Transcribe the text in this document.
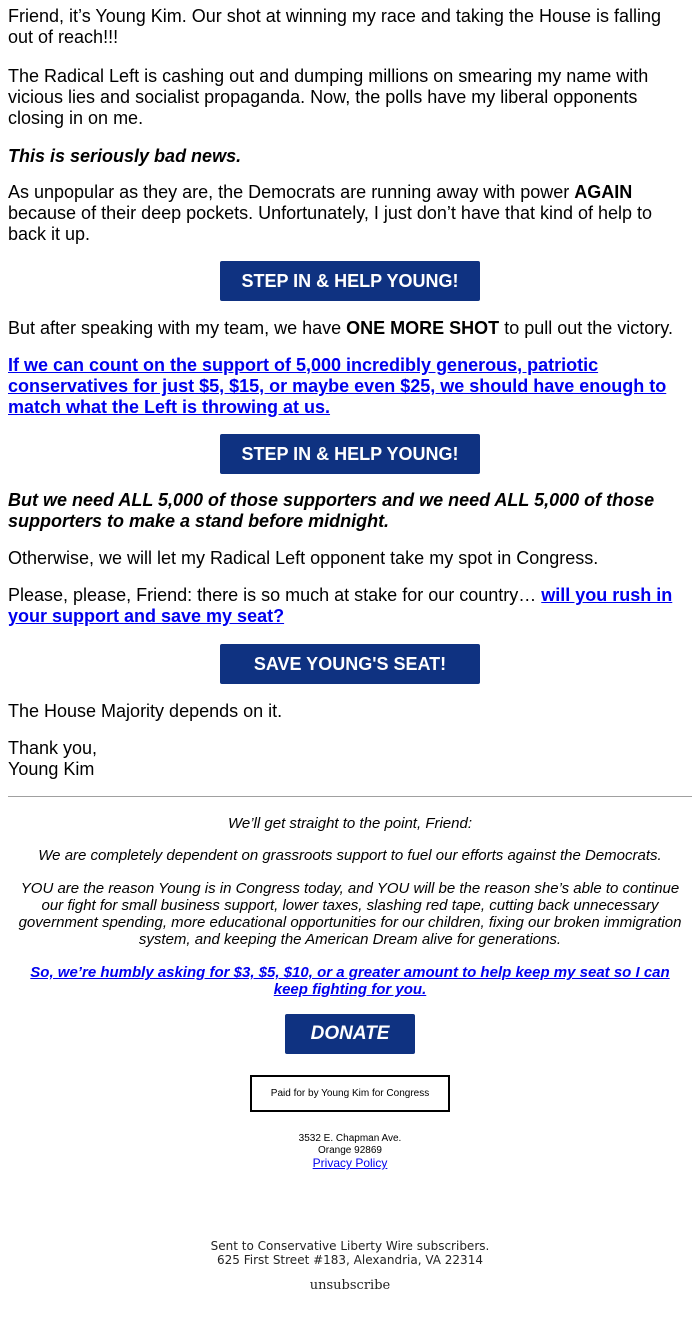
Friend, it’s Young Kim. Our shot at winning my race and taking the House is falling out of reach!!!

The Radical Left is cashing out and dumping millions on smearing my name with vicious lies and socialist propaganda. Now, the polls have my liberal opponents closing in on me.

This is seriously bad news.

As unpopular as they are, the Democrats are running away with power AGAIN because of their deep pockets. Unfortunately, I just don’t have that kind of help to back it up.

STEP IN & HELP YOUNG!

But after speaking with my team, we have ONE MORE SHOT to pull out the victory.

If we can count on the support of 5,000 incredibly generous, patriotic conservatives for just $5, $15, or maybe even $25, we should have enough to match what the Left is throwing at us.

STEP IN & HELP YOUNG!

But we need ALL 5,000 of those supporters and we need ALL 5,000 of those supporters to make a stand before midnight.

Otherwise, we will let my Radical Left opponent take my spot in Congress.

Please, please, Friend: there is so much at stake for our country… will you rush in your support and save my seat?

SAVE YOUNG'S SEAT!

The House Majority depends on it.

Thank you,
Young Kim

We’ll get straight to the point, Friend:

We are completely dependent on grassroots support to fuel our efforts against the Democrats.

YOU are the reason Young is in Congress today, and YOU will be the reason she’s able to continue our fight for small business support, lower taxes, slashing red tape, cutting back unnecessary government spending, more educational opportunities for our children, fixing our broken immigration system, and keeping the American Dream alive for generations.

So, we’re humbly asking for $3, $5, $10, or a greater amount to help keep my seat so I can keep fighting for you.

DONATE
Paid for by Young Kim for Congress
3532 E. Chapman Ave.
Orange 92869
Privacy Policy
Sent to Conservative Liberty Wire subscribers.
625 First Street #183, Alexandria, VA 22314
unsubscribe
